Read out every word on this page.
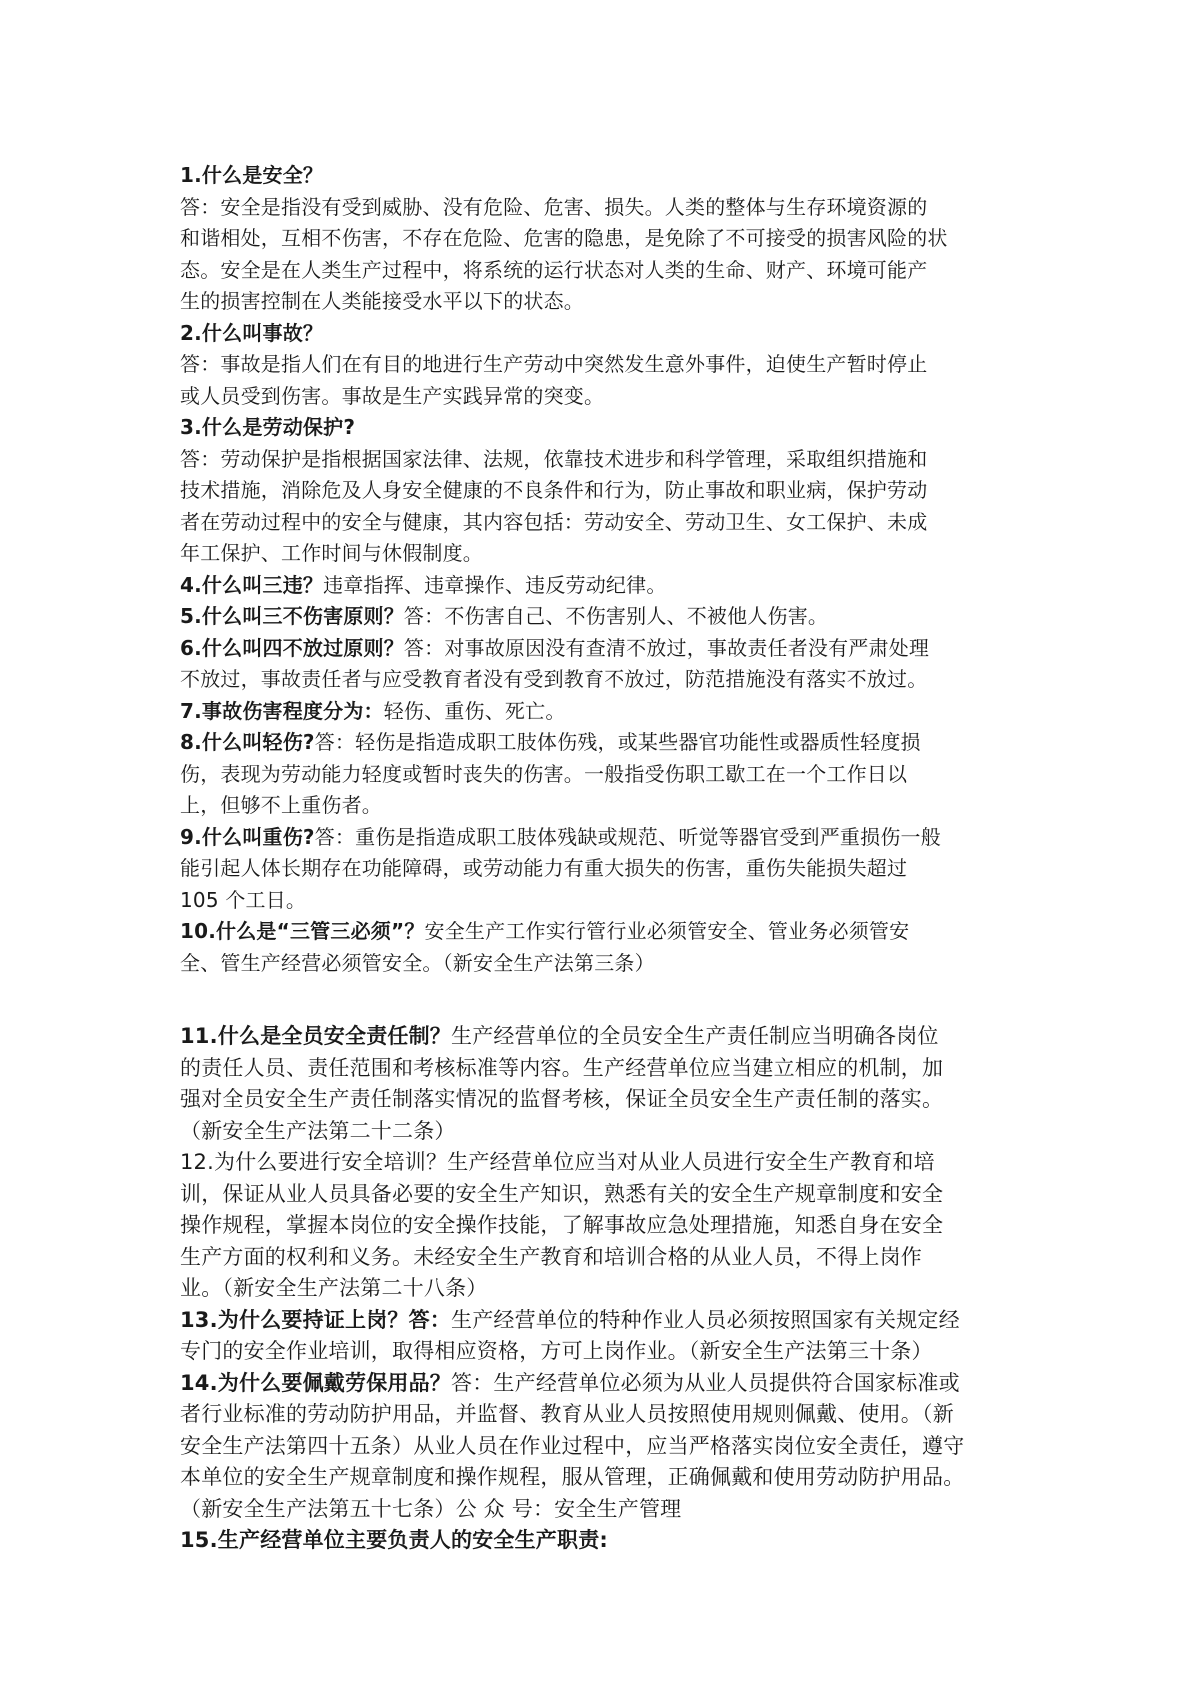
1.什么是安全？
答：安全是指没有受到威胁、没有危险、危害、损失。人类的整体与生存环境资源的
和谐相处，互相不伤害，不存在危险、危害的隐患，是免除了不可接受的损害风险的状
态。安全是在人类生产过程中，将系统的运行状态对人类的生命、财产、环境可能产
生的损害控制在人类能接受水平以下的状态。
2.什么叫事故？
答：事故是指人们在有目的地进行生产劳动中突然发生意外事件，迫使生产暂时停止
或人员受到伤害。事故是生产实践异常的突变。
3.什么是劳动保护?
答：劳动保护是指根据国家法律、法规，依靠技术进步和科学管理，采取组织措施和
技术措施，消除危及人身安全健康的不良条件和行为，防止事故和职业病，保护劳动
者在劳动过程中的安全与健康，其内容包括：劳动安全、劳动卫生、女工保护、未成
年工保护、工作时间与休假制度。
4.什么叫三违？违章指挥、违章操作、违反劳动纪律。
5.什么叫三不伤害原则？答：不伤害自己、不伤害别人、不被他人伤害。
6.什么叫四不放过原则？答：对事故原因没有查清不放过，事故责任者没有严肃处理
不放过，事故责任者与应受教育者没有受到教育不放过，防范措施没有落实不放过。
7.事故伤害程度分为：轻伤、重伤、死亡。
8.什么叫轻伤?答：轻伤是指造成职工肢体伤残，或某些器官功能性或器质性轻度损
伤，表现为劳动能力轻度或暂时丧失的伤害。一般指受伤职工歇工在一个工作日以
上，但够不上重伤者。
9.什么叫重伤?答：重伤是指造成职工肢体残缺或规范、听觉等器官受到严重损伤一般
能引起人体长期存在功能障碍，或劳动能力有重大损失的伤害，重伤失能损失超过
105 个工日。
10.什么是“三管三必须”？安全生产工作实行管行业必须管安全、管业务必须管安
全、管生产经营必须管安全。（新安全生产法第三条）
11.什么是全员安全责任制？生产经营单位的全员安全生产责任制应当明确各岗位
的责任人员、责任范围和考核标准等内容。生产经营单位应当建立相应的机制，加
强对全员安全生产责任制落实情况的监督考核，保证全员安全生产责任制的落实。
（新安全生产法第二十二条）
12.为什么要进行安全培训？生产经营单位应当对从业人员进行安全生产教育和培
训，保证从业人员具备必要的安全生产知识，熟悉有关的安全生产规章制度和安全
操作规程，掌握本岗位的安全操作技能，了解事故应急处理措施，知悉自身在安全
生产方面的权利和义务。未经安全生产教育和培训合格的从业人员，不得上岗作
业。（新安全生产法第二十八条）
13.为什么要持证上岗？答：生产经营单位的特种作业人员必须按照国家有关规定经
专门的安全作业培训，取得相应资格，方可上岗作业。（新安全生产法第三十条）
14.为什么要佩戴劳保用品？答：生产经营单位必须为从业人员提供符合国家标准或
者行业标准的劳动防护用品，并监督、教育从业人员按照使用规则佩戴、使用。（新
安全生产法第四十五条）从业人员在作业过程中，应当严格落实岗位安全责任，遵守
本单位的安全生产规章制度和操作规程，服从管理，正确佩戴和使用劳动防护用品。
（新安全生产法第五十七条）公 众 号：安全生产管理
15.生产经营单位主要负责人的安全生产职责:
